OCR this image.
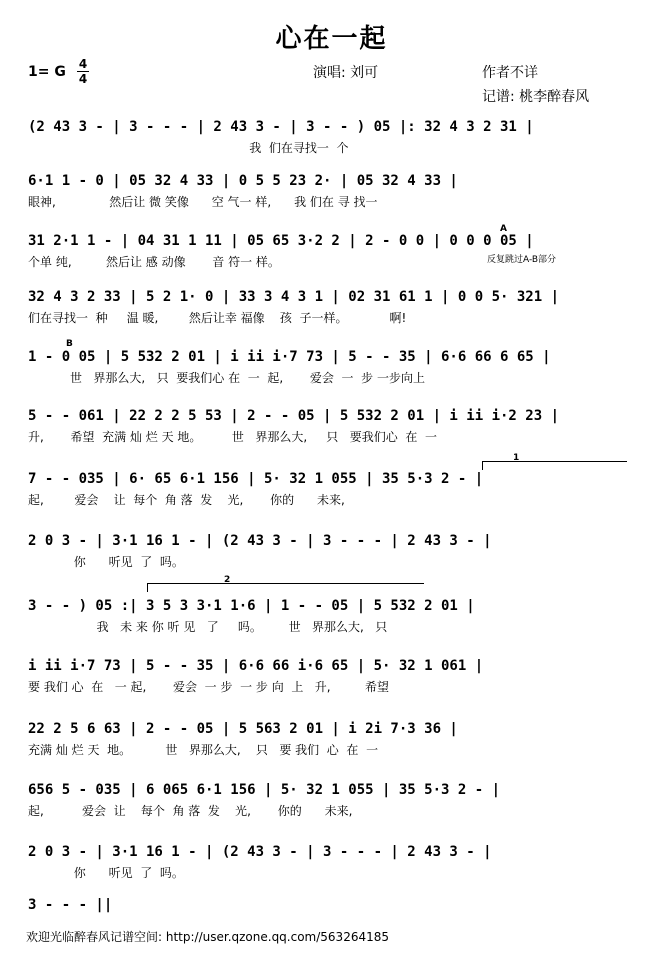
心在一起
1= G 4
4	演唱: 刘可	作者不详
记谱: 桃李醉春风
(2 43 3 - | 3 - - - | 2 43 3 - | 3 - - ) 05 |: 32 4 3 2 31 |
我  们在寻找一  个
6·1 1 - 0 | 05 32 4 33 | 0 5 5 23 2· | 05 32 4 33 |
眼神,              然后让 微 笑像      空 气一 样,      我 们在 寻 找一
31 2·1 1 - | 04 31 1 11 | 05 65 3·2 2 | 2 - 0 0 | 0 0 0 05 |
个单 纯,         然后让 感 动像       音 符一 样。
32 4 3 2 33 | 5 2 1· 0 | 33 3 4 3 1 | 02 31 61 1 | 0 0 5· 321 |
们在寻找一  种     温 暖,        然后让幸 福像    孩  子一样。           啊!
1 - 0 05 | 5 532 2 01 | i ii i·7 73 | 5 - - 35 | 6·6 66 6 65 |
世   界那么大,   只  要我们心 在  一  起,       爱会  一  步 一步向上
5 - - 061 | 22 2 2 5 53 | 2 - - 05 | 5 532 2 01 | i ii i·2 23 |
升,       希望  充满 灿 烂 天 地。        世   界那么大,     只   要我们心  在  一
7 - - 035 | 6· 65 6·1 156 | 5· 32 1 055 | 35 5·3 2 - |
起,        爱会    让  每个  角 落  发    光,       你的      未来,
2 0 3 - | 3·1 16 1 - | (2 43 3 - | 3 - - - | 2 43 3 - |
你      听见  了  吗。
3 - - ) 05 :| 3 5 3 3·1 1·6 | 1 - - 05 | 5 532 2 01 |
我   未 来 你 听 见   了     吗。       世   界那么大,   只
i ii i·7 73 | 5 - - 35 | 6·6 66 i·6 65 | 5· 32 1 061 |
要 我们 心  在   一 起,       爱会  一 步  一 步 向  上   升,         希望
22 2 5 6 63 | 2 - - 05 | 5 563 2 01 | i 2i 7·3 36 |
充满 灿 烂 天  地。         世   界那么大,    只   要 我们  心  在  一
656 5 - 035 | 6 065 6·1 156 | 5· 32 1 055 | 35 5·3 2 - |
起,          爱会  让    每个  角 落  发    光,       你的      未来,
2 0 3 - | 3·1 16 1 - | (2 43 3 - | 3 - - - | 2 43 3 - |
你      听见  了  吗。
3 - - - ||
反复跳过A-B部分
A
B
1
2
欢迎光临醉春风记谱空间: http://user.qzone.qq.com/563264185
